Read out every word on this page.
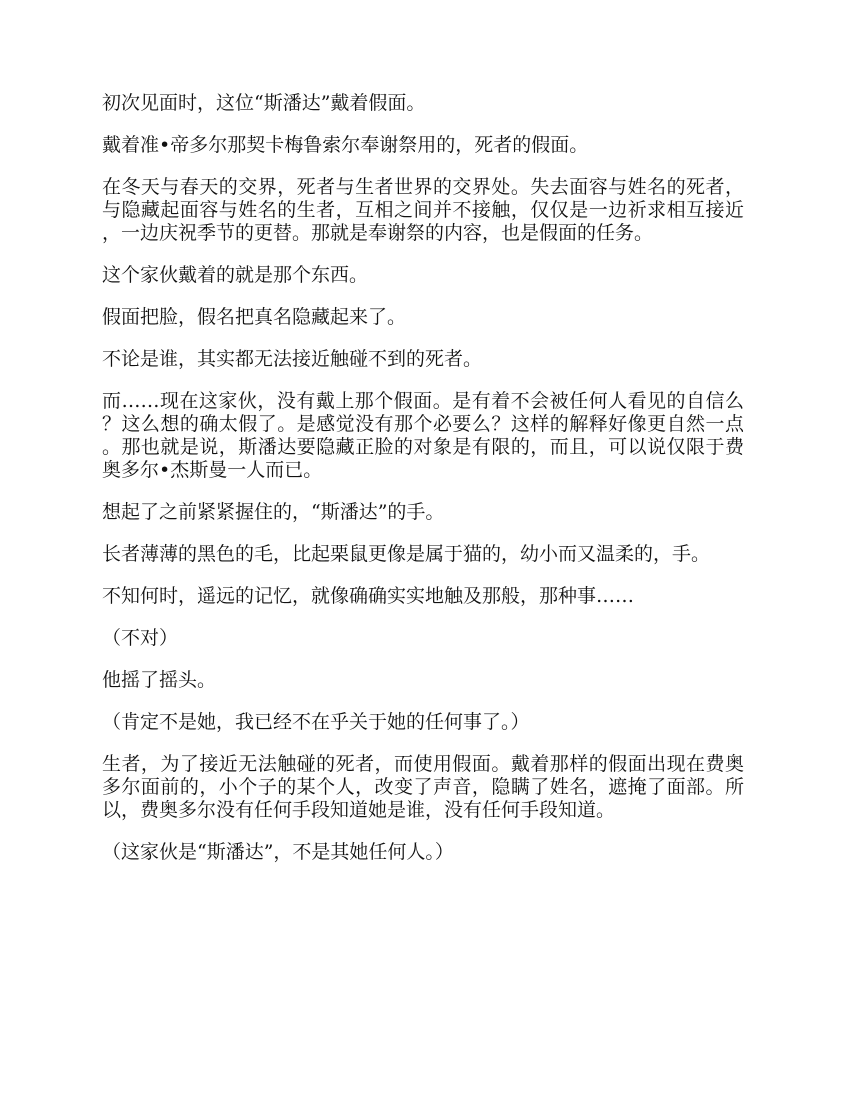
初次见面时，这位“斯潘达”戴着假面。

戴着准•帝多尔那契卡梅鲁索尔奉谢祭用的，死者的假面。

在冬天与春天的交界，死者与生者世界的交界处。失去面容与姓名的死者，与隐藏起面容与姓名的生者，互相之间并不接触，仅仅是一边祈求相互接近，一边庆祝季节的更替。那就是奉谢祭的内容，也是假面的任务。

这个家伙戴着的就是那个东西。

假面把脸，假名把真名隐藏起来了。

不论是谁，其实都无法接近触碰不到的死者。

而……现在这家伙，没有戴上那个假面。是有着不会被任何人看见的自信么？这么想的确太假了。是感觉没有那个必要么？这样的解释好像更自然一点。那也就是说，斯潘达要隐藏正脸的对象是有限的，而且，可以说仅限于费奥多尔•杰斯曼一人而已。

想起了之前紧紧握住的，“斯潘达”的手。

长者薄薄的黑色的毛，比起栗鼠更像是属于猫的，幼小而又温柔的，手。

不知何时，遥远的记忆，就像确确实实地触及那般，那种事……

（不对）

他摇了摇头。

（肯定不是她，我已经不在乎关于她的任何事了。）

生者，为了接近无法触碰的死者，而使用假面。戴着那样的假面出现在费奥多尔面前的，小个子的某个人，改变了声音，隐瞒了姓名，遮掩了面部。所以，费奥多尔没有任何手段知道她是谁，没有任何手段知道。

（这家伙是“斯潘达”，不是其她任何人。）
